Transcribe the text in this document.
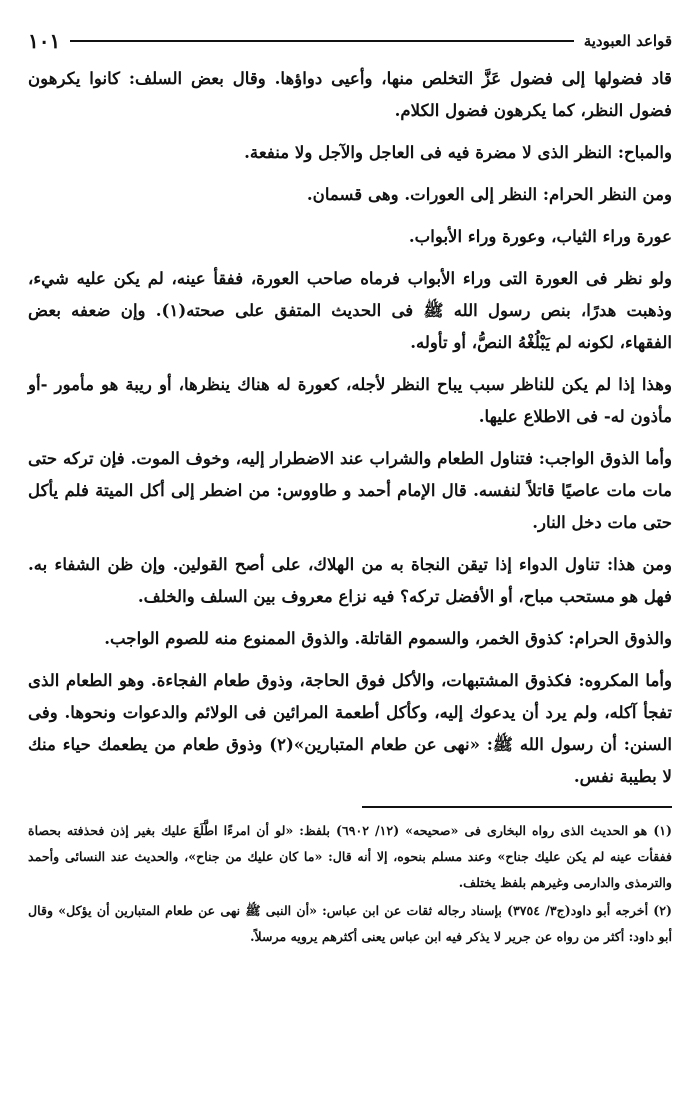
قواعد العبودية
١٠١

قاد فضولها إلى فضول عَزَّ التخلص منها، وأعيى دواؤها. وقال بعض السلف: كانوا يكرهون فضول النظر، كما يكرهون فضول الكلام.

والمباح: النظر الذى لا مضرة فيه فى العاجل والآجل ولا منفعة.

ومن النظر الحرام: النظر إلى العورات. وهى قسمان.

عورة وراء الثياب، وعورة وراء الأبواب.

ولو نظر فى العورة التى وراء الأبواب فرماه صاحب العورة، ففقأ عينه، لم يكن عليه شيء، وذهبت هدرًا، بنص رسول الله ﷺ فى الحديث المتفق على صحته(١). وإن ضعفه بعض الفقهاء، لكونه لم يَبْلُغْهُ النصُّ، أو تأوله.

وهذا إذا لم يكن للناظر سبب يباح النظر لأجله، كعورة له هناك ينظرها، أو ريبة هو مأمور -أو مأذون له- فى الاطلاع عليها.

وأما الذوق الواجب: فتناول الطعام والشراب عند الاضطرار إليه، وخوف الموت. فإن تركه حتى مات مات عاصيًا قاتلاً لنفسه. قال الإمام أحمد و طاووس: من اضطر إلى أكل الميتة فلم يأكل حتى مات دخل النار.

ومن هذا: تناول الدواء إذا تيقن النجاة به من الهلاك، على أصح القولين. وإن ظن الشفاء به. فهل هو مستحب مباح، أو الأفضل تركه؟ فيه نزاع معروف بين السلف والخلف.

والذوق الحرام: كذوق الخمر، والسموم القاتلة. والذوق الممنوع منه للصوم الواجب.

وأما المكروه: فكذوق المشتبهات، والأكل فوق الحاجة، وذوق طعام الفجاءة. وهو الطعام الذى تفجأ آكله، ولم يرد أن يدعوك إليه، وكأكل أطعمة المرائين فى الولائم والدعوات ونحوها. وفى السنن: أن رسول الله ﷺ: «نهى عن طعام المتبارين»(٢) وذوق طعام من يطعمك حياء منك لا بطيبة نفس.

(١) هو الحديث الذى رواه البخارى فى «صحيحه» (١٢/ ٦٩٠٢) بلفظ: «لو أن امرءًا اطَّلَعَ عليك بغير إذن فحذفته بحصاة ففقأت عينه لم يكن عليك جناح» وعند مسلم بنحوه، إلا أنه قال: «ما كان عليك من جناح»، والحديث عند النسائى وأحمد والترمذى والدارمى وغيرهم بلفظ يختلف.

(٢) أخرجه أبو داود(ج٣/ ٣٧٥٤) بإسناد رجاله ثقات عن ابن عباس: «أن النبى ﷺ نهى عن طعام المتبارين أن يؤكل» وقال أبو داود: أكثر من رواه عن جرير لا يذكر فيه ابن عباس يعنى أكثرهم يرويه مرسلاً.
